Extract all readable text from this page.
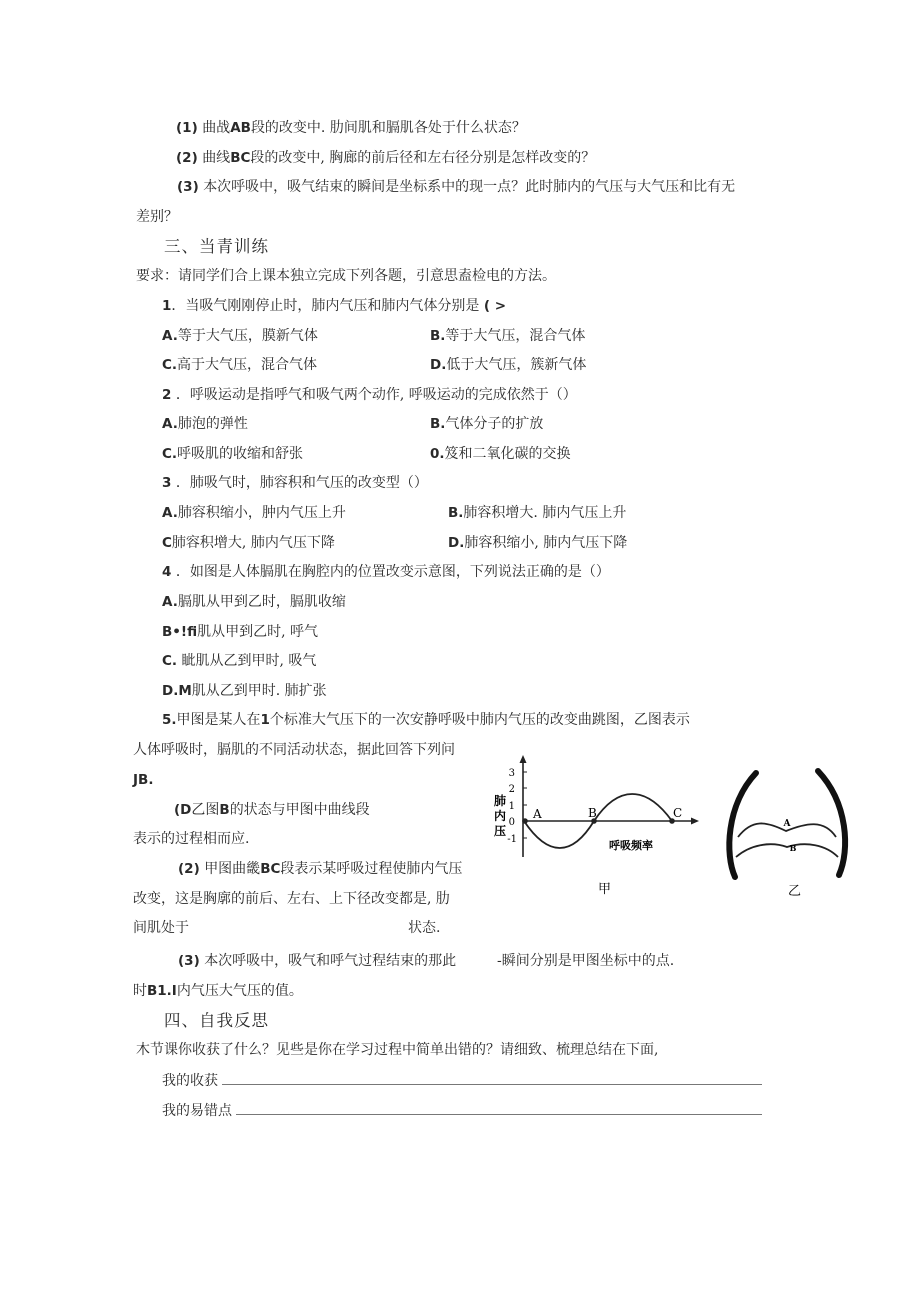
(1) 曲战AB段的改变中. 肋间肌和膈肌各处于什么状态？
(2) 曲线BC段的改变中, 胸廊的前后径和左右径分别是怎样改变的？
(3) 本次呼吸中，吸气结束的瞬间是坐标系中的现一点？此时肺内的气压与大气压和比有无
差别？
三、当青训练
要求：请同学们合上课本独立完成下列各题，引意思盍检电的方法。
1．当吸气刚刚停止时，肺内气压和肺内气体分别是 ( >
A.等于大气压，膜新气体	B.等于大气压，混合气体
C.高于大气压，混合气体	D.低于大气压，簇新气体
2 ．呼吸运动是指呼气和吸气两个动作, 呼吸运动的完成依然于（）
A.肺泡的弹性	B.气体分子的扩放
C.呼吸肌的收缩和舒张	0.笈和二氧化碳的交换
3 ．肺吸气时，肺容积和气压的改变型（）
A.肺容积缩小，肿内气压上升	B.肺容积增大. 肺内气压上升
C肺容积增大, 肺内气压下降	D.肺容积缩小, 肺内气压下降
4 ．如图是人体膈肌在胸腔内的位置改变示意图，下列说法正确的是（）
A.膈肌从甲到乙时，膈肌收缩
B•!fi肌从甲到乙时, 呼气
C. 眦肌从乙到甲时, 吸气
D.M肌从乙到甲时. 肺扩张
5.甲图是某人在1个标准大气压下的一次安静呼吸中肺内气压的改变曲跳图，乙图表示
人体呼吸时，膈肌的不同活动状态，据此回答下列问
JB.
(D乙图B的状态与甲图中曲线段
表示的过程相而应.
(2) 甲图曲畿BC段表示某呼吸过程使肺内气压
改变，这是胸廓的前后、左右、上下径改变都是, 肋
间肌处于	状态.
(3) 本次呼吸中，吸气和呼气过程结束的那此	-瞬间分别是甲图坐标中的点.
时B1.I内气压大气压的值。
3
2
1
0
-1
肺
内
压
A	B	C
呼吸频率
甲
A
B
乙
四、自我反思
木节课你收获了什么？见些是你在学习过程中简单出错的？请细致、梳理总结在下面,
我的收获
我的易错点
